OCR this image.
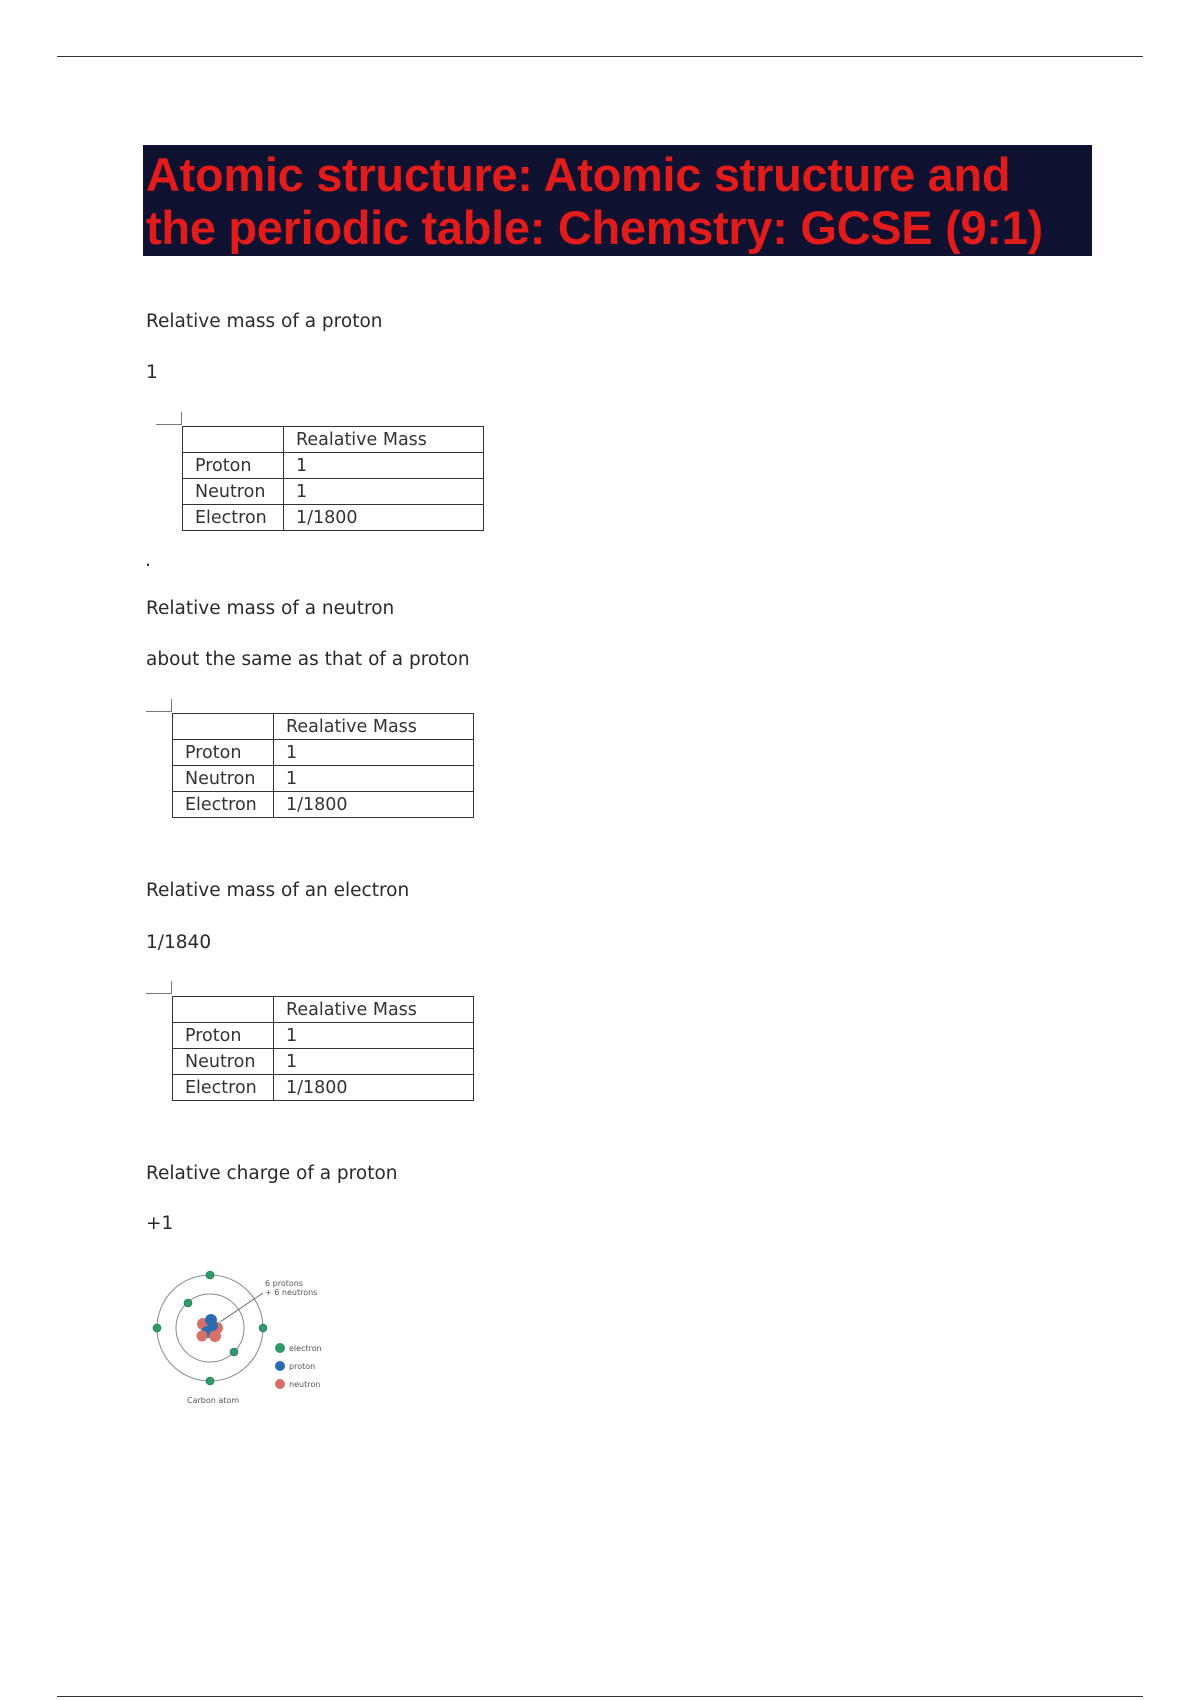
Atomic structure: Atomic structure and the periodic table: Chemstry: GCSE (9:1)
Relative mass of a proton
1
	Realative Mass
Proton	1
Neutron	1
Electron	1/1800
.
Relative mass of a neutron
about the same as that of a proton
	Realative Mass
Proton	1
Neutron	1
Electron	1/1800
Relative mass of an electron
1/1840
	Realative Mass
Proton	1
Neutron	1
Electron	1/1800
Relative charge of a proton
+1
6 protons
+ 6 neutrons
electron
proton
neutron
Carbon atom
